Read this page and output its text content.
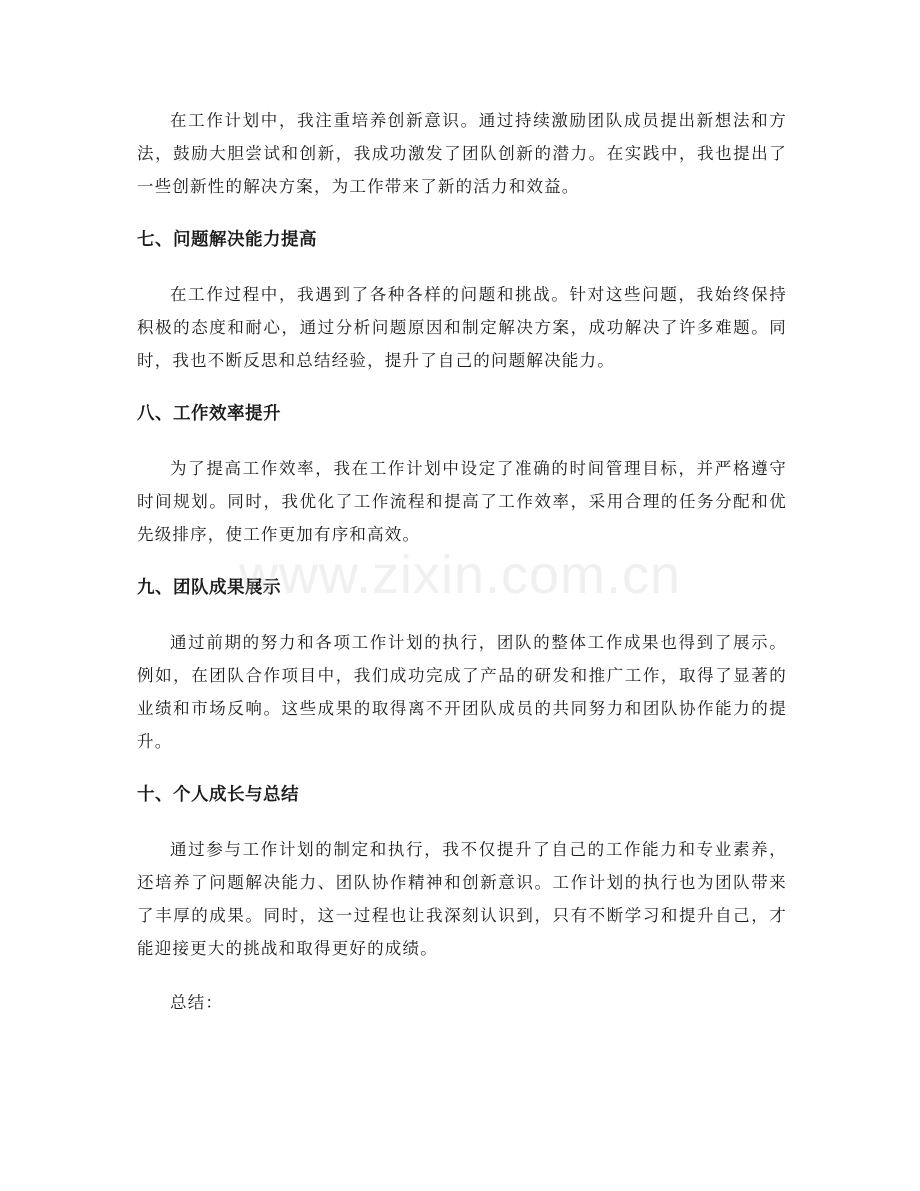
在工作计划中，我注重培养创新意识。通过持续激励团队成员提出新想法和方法，鼓励大胆尝试和创新，我成功激发了团队创新的潜力。在实践中，我也提出了一些创新性的解决方案，为工作带来了新的活力和效益。

七、问题解决能力提高

在工作过程中，我遇到了各种各样的问题和挑战。针对这些问题，我始终保持积极的态度和耐心，通过分析问题原因和制定解决方案，成功解决了许多难题。同时，我也不断反思和总结经验，提升了自己的问题解决能力。

八、工作效率提升

为了提高工作效率，我在工作计划中设定了准确的时间管理目标，并严格遵守时间规划。同时，我优化了工作流程和提高了工作效率，采用合理的任务分配和优先级排序，使工作更加有序和高效。

九、团队成果展示

通过前期的努力和各项工作计划的执行，团队的整体工作成果也得到了展示。例如，在团队合作项目中，我们成功完成了产品的研发和推广工作，取得了显著的业绩和市场反响。这些成果的取得离不开团队成员的共同努力和团队协作能力的提升。

十、个人成长与总结

通过参与工作计划的制定和执行，我不仅提升了自己的工作能力和专业素养，还培养了问题解决能力、团队协作精神和创新意识。工作计划的执行也为团队带来了丰厚的成果。同时，这一过程也让我深刻认识到，只有不断学习和提升自己，才能迎接更大的挑战和取得更好的成绩。

总结：

www.zixin.com.cn
